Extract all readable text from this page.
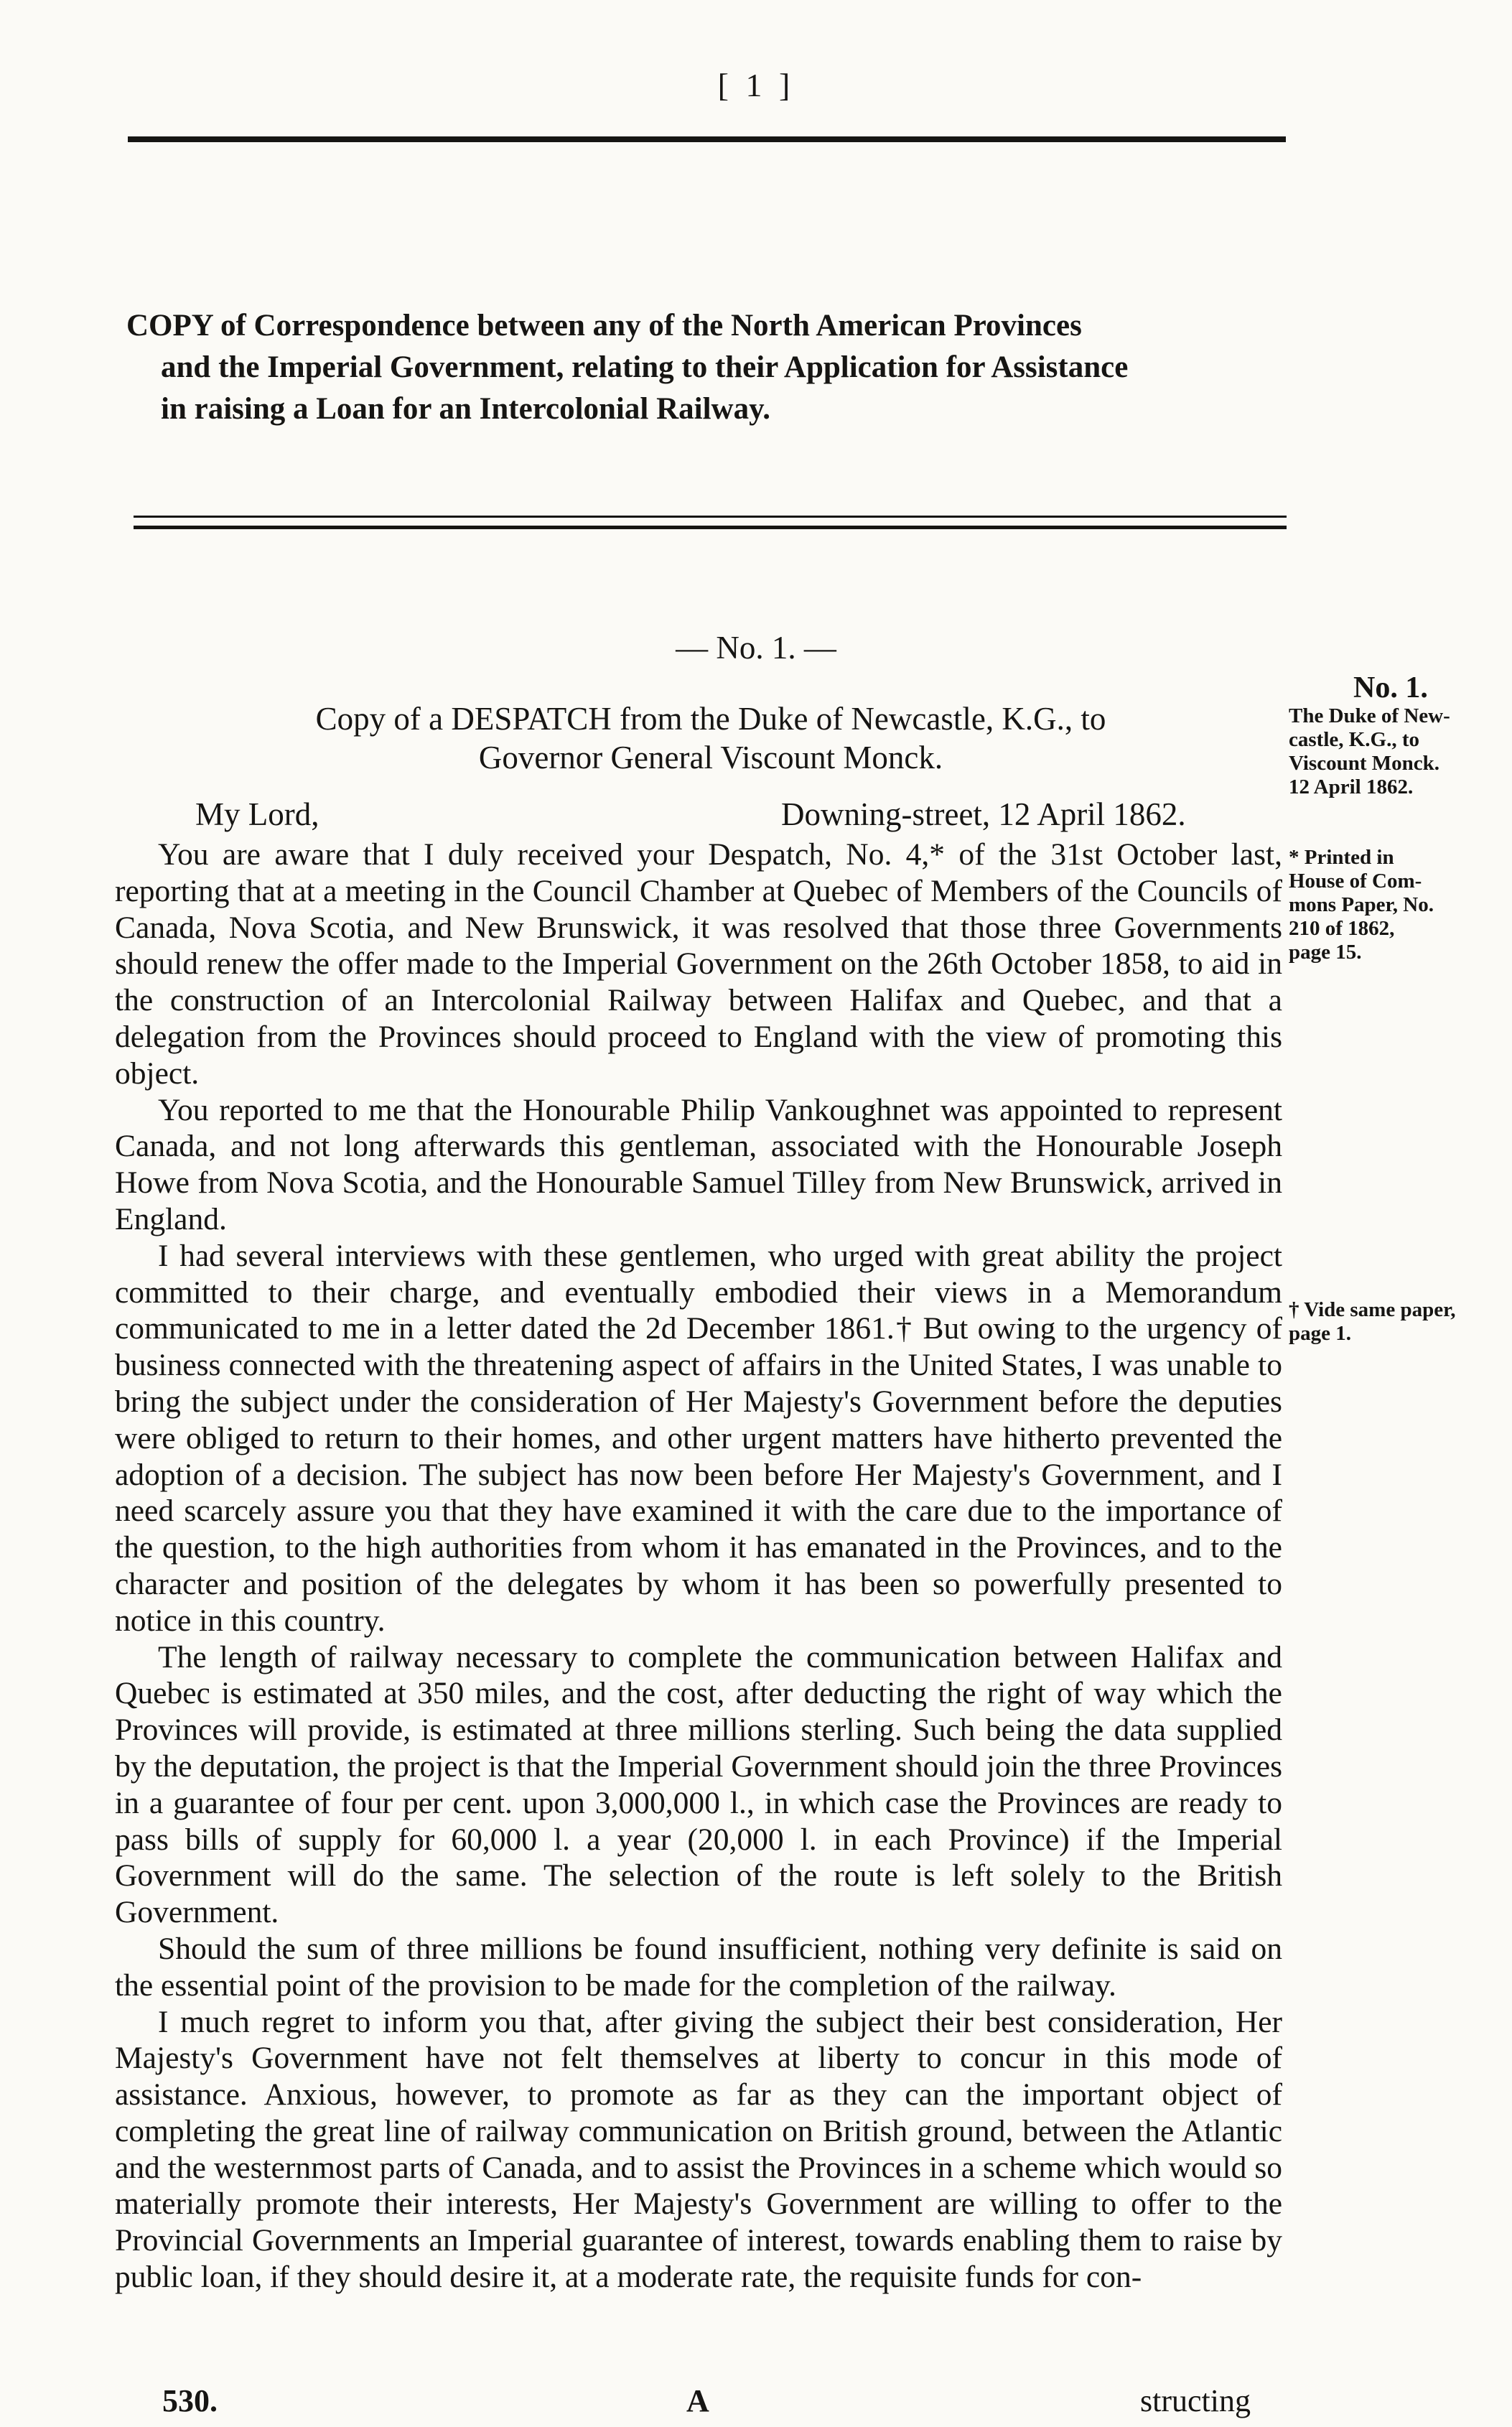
[ 1 ]

COPY of Correspondence between any of the North American Provinces

and the Imperial Government, relating to their Application for Assistance

in raising a Loan for an Intercolonial Railway.

— No. 1. —

Copy of a DESPATCH from the Duke of Newcastle, K.G., to

Governor General Viscount Monck.

My Lord,	Downing-street, 12 April 1862.

You are aware that I duly received your Despatch, No. 4,* of the 31st October last, reporting that at a meeting in the Council Chamber at Quebec of Members of the Councils of Canada, Nova Scotia, and New Brunswick, it was resolved that those three Governments should renew the offer made to the Imperial Government on the 26th October 1858, to aid in the construction of an Intercolonial Railway between Halifax and Quebec, and that a delegation from the Provinces should proceed to England with the view of promoting this object.

You reported to me that the Honourable Philip Vankoughnet was appointed to represent Canada, and not long afterwards this gentleman, associated with the Honourable Joseph Howe from Nova Scotia, and the Honourable Samuel Tilley from New Brunswick, arrived in England.

I had several interviews with these gentlemen, who urged with great ability the project committed to their charge, and eventually embodied their views in a Memorandum communicated to me in a letter dated the 2d December 1861.† But owing to the urgency of business connected with the threatening aspect of affairs in the United States, I was unable to bring the subject under the consideration of Her Majesty's Government before the deputies were obliged to return to their homes, and other urgent matters have hitherto prevented the adoption of a decision. The subject has now been before Her Majesty's Government, and I need scarcely assure you that they have examined it with the care due to the importance of the question, to the high authorities from whom it has emanated in the Provinces, and to the character and position of the delegates by whom it has been so powerfully presented to notice in this country.

The length of railway necessary to complete the communication between Halifax and Quebec is estimated at 350 miles, and the cost, after deducting the right of way which the Provinces will provide, is estimated at three millions sterling. Such being the data supplied by the deputation, the project is that the Imperial Government should join the three Provinces in a guarantee of four per cent. upon 3,000,000 l., in which case the Provinces are ready to pass bills of supply for 60,000 l. a year (20,000 l. in each Province) if the Imperial Government will do the same. The selection of the route is left solely to the British Government.

Should the sum of three millions be found insufficient, nothing very definite is said on the essential point of the provision to be made for the completion of the railway.

I much regret to inform you that, after giving the subject their best consideration, Her Majesty's Government have not felt themselves at liberty to concur in this mode of assistance. Anxious, however, to promote as far as they can the important object of completing the great line of railway communication on British ground, between the Atlantic and the westernmost parts of Canada, and to assist the Provinces in a scheme which would so materially promote their interests, Her Majesty's Government are willing to offer to the Provincial Governments an Imperial guarantee of interest, towards enabling them to raise by public loan, if they should desire it, at a moderate rate, the requisite funds for con-

No. 1.
The Duke of New-
castle, K.G., to
Viscount Monck.
12 April 1862.
* Printed in
House of Com-
mons Paper, No.
210 of 1862,
page 15.
† Vide same paper,
page 1.
530.	A	structing
